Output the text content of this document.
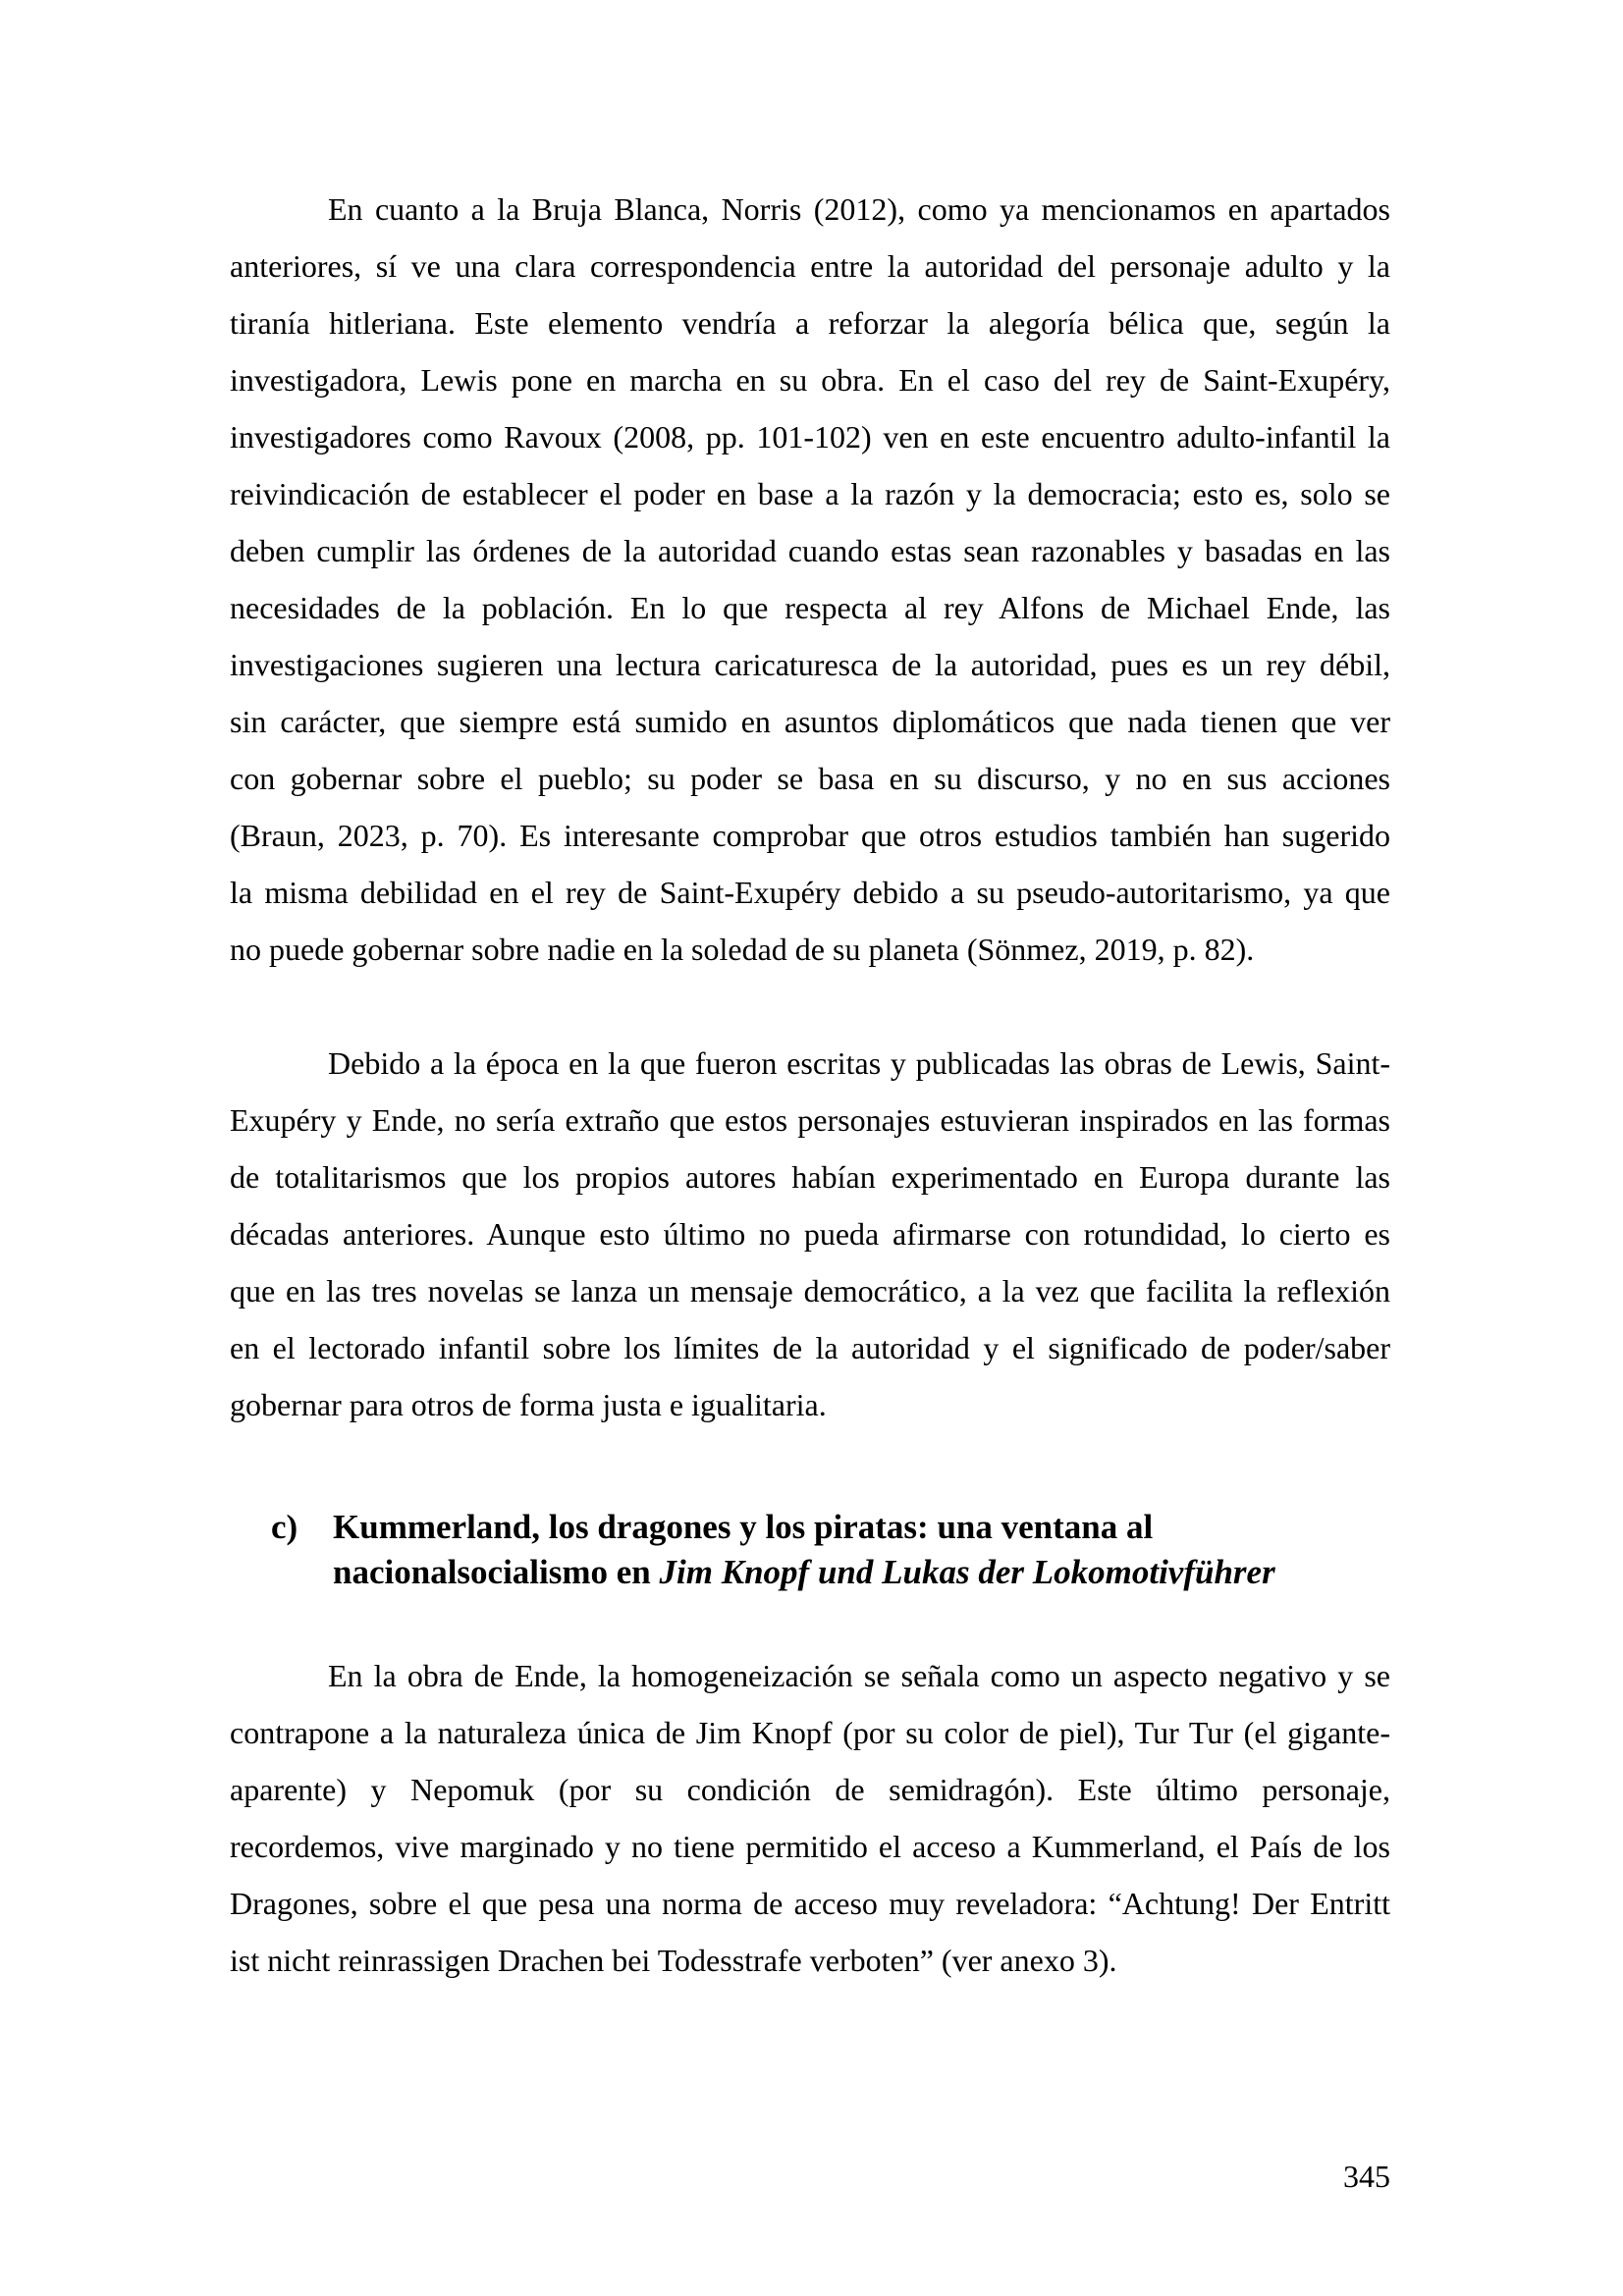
En cuanto a la Bruja Blanca, Norris (2012), como ya mencionamos en apartados
anteriores, sí ve una clara correspondencia entre la autoridad del personaje adulto y la
tiranía hitleriana. Este elemento vendría a reforzar la alegoría bélica que, según la
investigadora, Lewis pone en marcha en su obra. En el caso del rey de Saint-Exupéry,
investigadores como Ravoux (2008, pp. 101-102) ven en este encuentro adulto-infantil la
reivindicación de establecer el poder en base a la razón y la democracia; esto es, solo se
deben cumplir las órdenes de la autoridad cuando estas sean razonables y basadas en las
necesidades de la población. En lo que respecta al rey Alfons de Michael Ende, las
investigaciones sugieren una lectura caricaturesca de la autoridad, pues es un rey débil,
sin carácter, que siempre está sumido en asuntos diplomáticos que nada tienen que ver
con gobernar sobre el pueblo; su poder se basa en su discurso, y no en sus acciones
(Braun, 2023, p. 70). Es interesante comprobar que otros estudios también han sugerido
la misma debilidad en el rey de Saint-Exupéry debido a su pseudo-autoritarismo, ya que
no puede gobernar sobre nadie en la soledad de su planeta (Sönmez, 2019, p. 82).
Debido a la época en la que fueron escritas y publicadas las obras de Lewis, Saint-
Exupéry y Ende, no sería extraño que estos personajes estuvieran inspirados en las formas
de totalitarismos que los propios autores habían experimentado en Europa durante las
décadas anteriores. Aunque esto último no pueda afirmarse con rotundidad, lo cierto es
que en las tres novelas se lanza un mensaje democrático, a la vez que facilita la reflexión
en el lectorado infantil sobre los límites de la autoridad y el significado de poder/saber
gobernar para otros de forma justa e igualitaria.
c) Kummerland, los dragones y los piratas: una ventana al
nacionalsocialismo en Jim Knopf und Lukas der Lokomotivführer
En la obra de Ende, la homogeneización se señala como un aspecto negativo y se
contrapone a la naturaleza única de Jim Knopf (por su color de piel), Tur Tur (el gigante-
aparente) y Nepomuk (por su condición de semidragón). Este último personaje,
recordemos, vive marginado y no tiene permitido el acceso a Kummerland, el País de los
Dragones, sobre el que pesa una norma de acceso muy reveladora: “Achtung! Der Entritt
ist nicht reinrassigen Drachen bei Todesstrafe verboten” (ver anexo 3).
345
